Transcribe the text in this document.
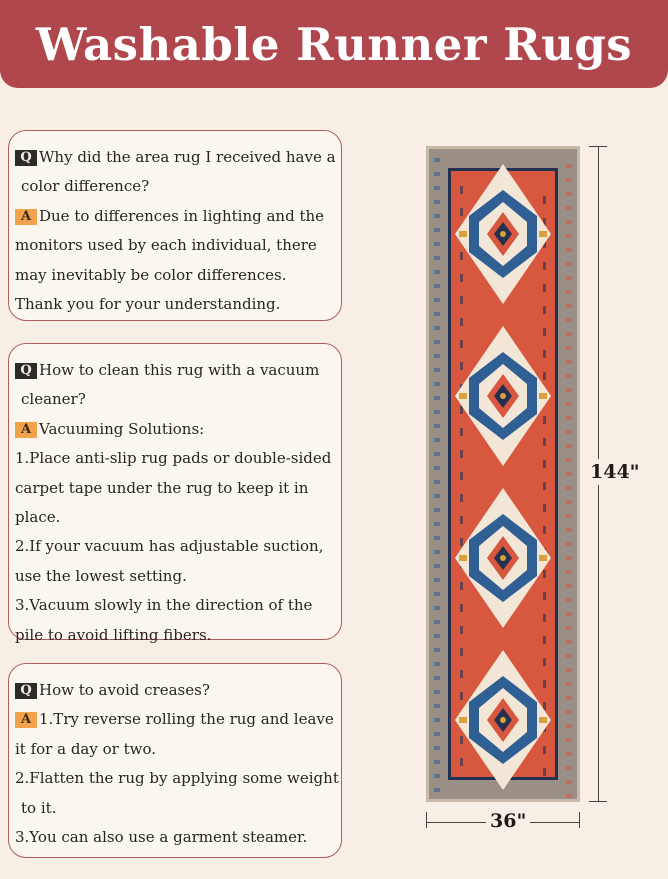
Washable Runner Rugs
Q Why did the area rug I received have a
color difference?
A Due to differences in lighting and the
monitors used by each individual, there
may inevitably be color differences.
Thank you for your understanding.
Q How to clean this rug with a vacuum
cleaner?
A Vacuuming Solutions:
1.Place anti-slip rug pads or double-sided
carpet tape under the rug to keep it in
place.
2.If your vacuum has adjustable suction,
use the lowest setting.
3.Vacuum slowly in the direction of the
pile to avoid lifting fibers.
Q How to avoid creases?
A 1.Try reverse rolling the rug and leave
it for a day or two.
2.Flatten the rug by applying some weight
to it.
3.You can also use a garment steamer.
144"
36"
